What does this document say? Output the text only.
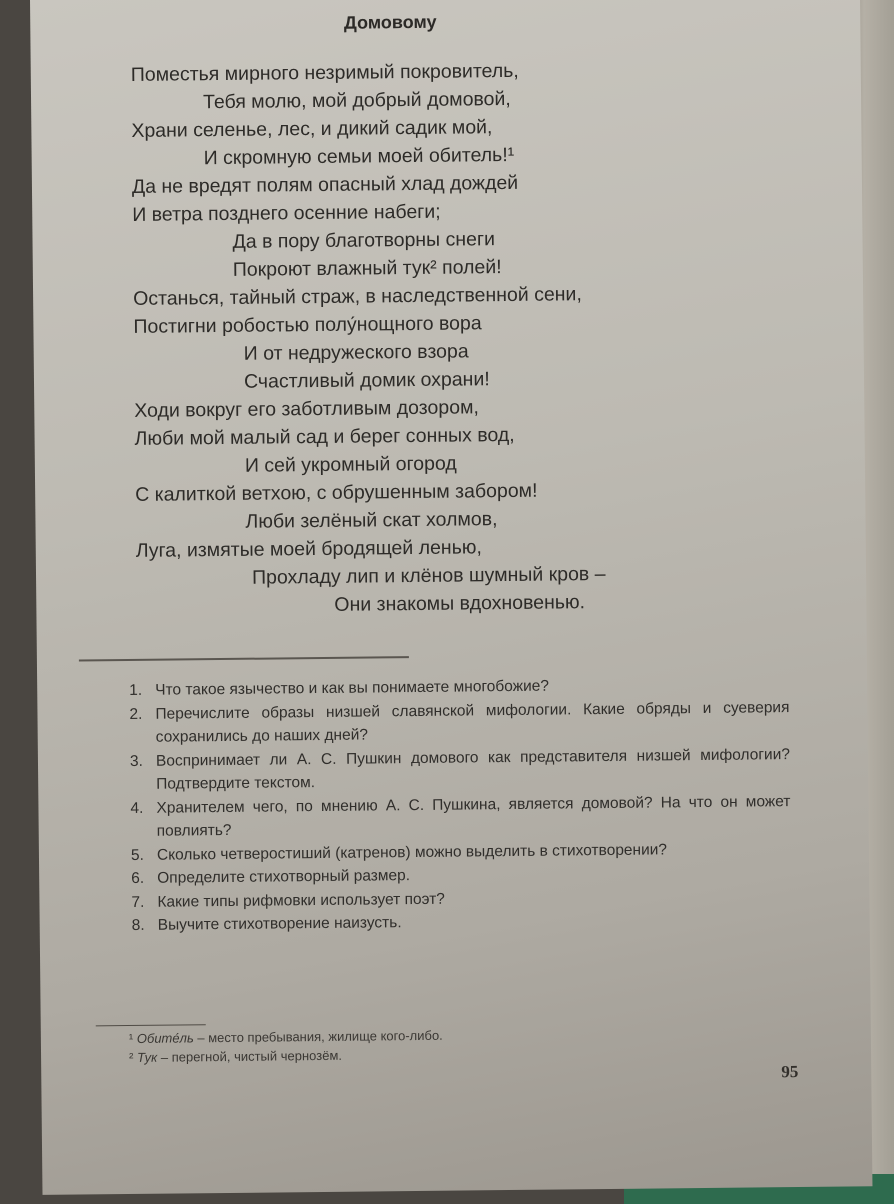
Домовому
Поместья мирного незримый покровитель,
Тебя молю, мой добрый домовой,
Храни селенье, лес, и дикий садик мой,
И скромную семьи моей обитель!¹
Да не вредят полям опасный хлад дождей
И ветра позднего осенние набеги;
Да в пору благотворны снеги
Покроют влажный тук² полей!
Останься, тайный страж, в наследственной сени,
Постигни робостью полу́нощного вора
И от недружеского взора
Счастливый домик охрани!
Ходи вокруг его заботливым дозором,
Люби мой малый сад и берег сонных вод,
И сей укромный огород
С калиткой ветхою, с обрушенным забором!
Люби зелёный скат холмов,
Луга, измятые моей бродящей ленью,
Прохладу лип и клёнов шумный кров –
Они знакомы вдохновенью.
1. Что такое язычество и как вы понимаете многобожие?
2. Перечислите образы низшей славянской мифологии. Какие обряды и суеверия сохранились до наших дней?
3. Воспринимает ли А. С. Пушкин домового как представителя низшей мифологии? Подтвердите текстом.
4. Хранителем чего, по мнению А. С. Пушкина, является домовой? На что он может повлиять?
5. Сколько четверостиший (катренов) можно выделить в стихотворении?
6. Определите стихотворный размер.
7. Какие типы рифмовки использует поэт?
8. Выучите стихотворение наизусть.
¹ Обите́ль – место пребывания, жилище кого-либо.
² Тук – перегной, чистый чернозём.
95
